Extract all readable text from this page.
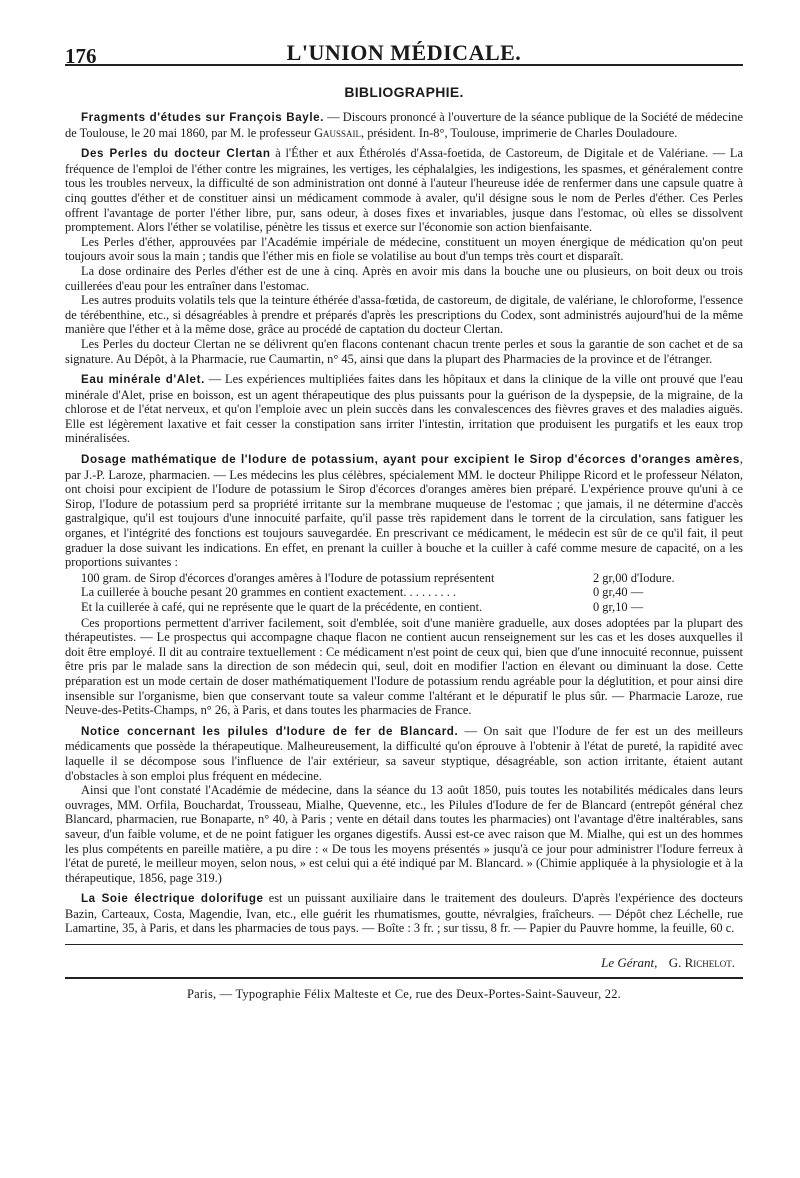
176	L'UNION MÉDICALE.
BIBLIOGRAPHIE.

Fragments d'études sur François Bayle. — Discours prononcé à l'ouverture de la séance publique de la Société de médecine de Toulouse, le 20 mai 1860, par M. le professeur Gaussail, président. In-8°, Toulouse, imprimerie de Charles Douladoure.

Des Perles du docteur Clertan à l'Éther et aux Éthérolés d'Assa-foetida, de Castoreum, de Digitale et de Valériane. — La fréquence de l'emploi de l'éther contre les migraines, les vertiges, les céphalalgies, les indigestions, les spasmes, et généralement contre tous les troubles nerveux, la difficulté de son administration ont donné à l'auteur l'heureuse idée de renfermer dans une capsule quatre à cinq gouttes d'éther et de constituer ainsi un médicament commode à avaler, qu'il désigne sous le nom de Perles d'éther. Ces Perles offrent l'avantage de porter l'éther libre, pur, sans odeur, à doses fixes et invariables, jusque dans l'estomac, où elles se dissolvent promptement. Alors l'éther se volatilise, pénètre les tissus et exerce sur l'économie son action bienfaisante.

Les Perles d'éther, approuvées par l'Académie impériale de médecine, constituent un moyen énergique de médication qu'on peut toujours avoir sous la main ; tandis que l'éther mis en fiole se volatilise au bout d'un temps très court et disparaît.

La dose ordinaire des Perles d'éther est de une à cinq. Après en avoir mis dans la bouche une ou plusieurs, on boit deux ou trois cuillerées d'eau pour les entraîner dans l'estomac.

Les autres produits volatils tels que la teinture éthérée d'assa-fœtida, de castoreum, de digitale, de valériane, le chloroforme, l'essence de térébenthine, etc., si désagréables à prendre et préparés d'après les prescriptions du Codex, sont administrés aujourd'hui de la même manière que l'éther et à la même dose, grâce au procédé de captation du docteur Clertan.

Les Perles du docteur Clertan ne se délivrent qu'en flacons contenant chacun trente perles et sous la garantie de son cachet et de sa signature. Au Dépôt, à la Pharmacie, rue Caumartin, n° 45, ainsi que dans la plupart des Pharmacies de la province et de l'étranger.

Eau minérale d'Alet. — Les expériences multipliées faites dans les hôpitaux et dans la clinique de la ville ont prouvé que l'eau minérale d'Alet, prise en boisson, est un agent thérapeutique des plus puissants pour la guérison de la dyspepsie, de la migraine, de la chlorose et de l'état nerveux, et qu'on l'emploie avec un plein succès dans les convalescences des fièvres graves et des maladies aiguës. Elle est légèrement laxative et fait cesser la constipation sans irriter l'intestin, irritation que produisent les purgatifs et les eaux trop minéralisées.

Dosage mathématique de l'Iodure de potassium, ayant pour excipient le Sirop d'écorces d'oranges amères, par J.-P. Laroze, pharmacien. — Les médecins les plus célèbres, spécialement MM. le docteur Philippe Ricord et le professeur Nélaton, ont choisi pour excipient de l'Iodure de potassium le Sirop d'écorces d'oranges amères bien préparé. L'expérience prouve qu'uni à ce Sirop, l'Iodure de potassium perd sa propriété irritante sur la membrane muqueuse de l'estomac ; que jamais, il ne détermine d'accès gastralgique, qu'il est toujours d'une innocuité parfaite, qu'il passe très rapidement dans le torrent de la circulation, sans fatiguer les organes, et l'intégrité des fonctions est toujours sauvegardée. En prescrivant ce médicament, le médecin est sûr de ce qu'il fait, il peut graduer la dose suivant les indications. En effet, en prenant la cuiller à bouche et la cuiller à café comme mesure de capacité, on a les proportions suivantes :

100 gram. de Sirop d'écorces d'oranges amères à l'Iodure de potassium représentent	2 gr,00 d'Iodure.
La cuillerée à bouche pesant 20 grammes en contient exactement. . . . . . . . .	0 gr,40 —
Et la cuillerée à café, qui ne représente que le quart de la précédente, en contient.	0 gr,10 —

Ces proportions permettent d'arriver facilement, soit d'emblée, soit d'une manière graduelle, aux doses adoptées par la plupart des thérapeutistes. — Le prospectus qui accompagne chaque flacon ne contient aucun renseignement sur les cas et les doses auxquelles il doit être employé. Il dit au contraire textuellement : Ce médicament n'est point de ceux qui, bien que d'une innocuité reconnue, puissent être pris par le malade sans la direction de son médecin qui, seul, doit en modifier l'action en élevant ou diminuant la dose. Cette préparation est un mode certain de doser mathématiquement l'Iodure de potassium rendu agréable pour la déglutition, et pour ainsi dire insensible sur l'organisme, bien que conservant toute sa valeur comme l'altérant et le dépuratif le plus sûr. — Pharmacie Laroze, rue Neuve-des-Petits-Champs, n° 26, à Paris, et dans toutes les pharmacies de France.

Notice concernant les pilules d'Iodure de fer de Blancard. — On sait que l'Iodure de fer est un des meilleurs médicaments que possède la thérapeutique. Malheureusement, la difficulté qu'on éprouve à l'obtenir à l'état de pureté, la rapidité avec laquelle il se décompose sous l'influence de l'air extérieur, sa saveur styptique, désagréable, son action irritante, étaient autant d'obstacles à son emploi plus fréquent en médecine.

Ainsi que l'ont constaté l'Académie de médecine, dans la séance du 13 août 1850, puis toutes les notabilités médicales dans leurs ouvrages, MM. Orfila, Bouchardat, Trousseau, Mialhe, Quevenne, etc., les Pilules d'Iodure de fer de Blancard (entrepôt général chez Blancard, pharmacien, rue Bonaparte, n° 40, à Paris ; vente en détail dans toutes les pharmacies) ont l'avantage d'être inaltérables, sans saveur, d'un faible volume, et de ne point fatiguer les organes digestifs. Aussi est-ce avec raison que M. Mialhe, qui est un des hommes les plus compétents en pareille matière, a pu dire : « De tous les moyens présentés » jusqu'à ce jour pour administrer l'Iodure ferreux à l'état de pureté, le meilleur moyen, selon nous, » est celui qui a été indiqué par M. Blancard. » (Chimie appliquée à la physiologie et à la thérapeutique, 1856, page 319.)

La Soie électrique dolorifuge est un puissant auxiliaire dans le traitement des douleurs. D'après l'expérience des docteurs Bazin, Carteaux, Costa, Magendie, Ivan, etc., elle guérit les rhumatismes, goutte, névralgies, fraîcheurs. — Dépôt chez Léchelle, rue Lamartine, 35, à Paris, et dans les pharmacies de tous pays. — Boîte : 3 fr. ; sur tissu, 8 fr. — Papier du Pauvre homme, la feuille, 60 c.

Le Gérant, G. Richelot.
Paris, — Typographie Félix Malteste et Ce, rue des Deux-Portes-Saint-Sauveur, 22.
